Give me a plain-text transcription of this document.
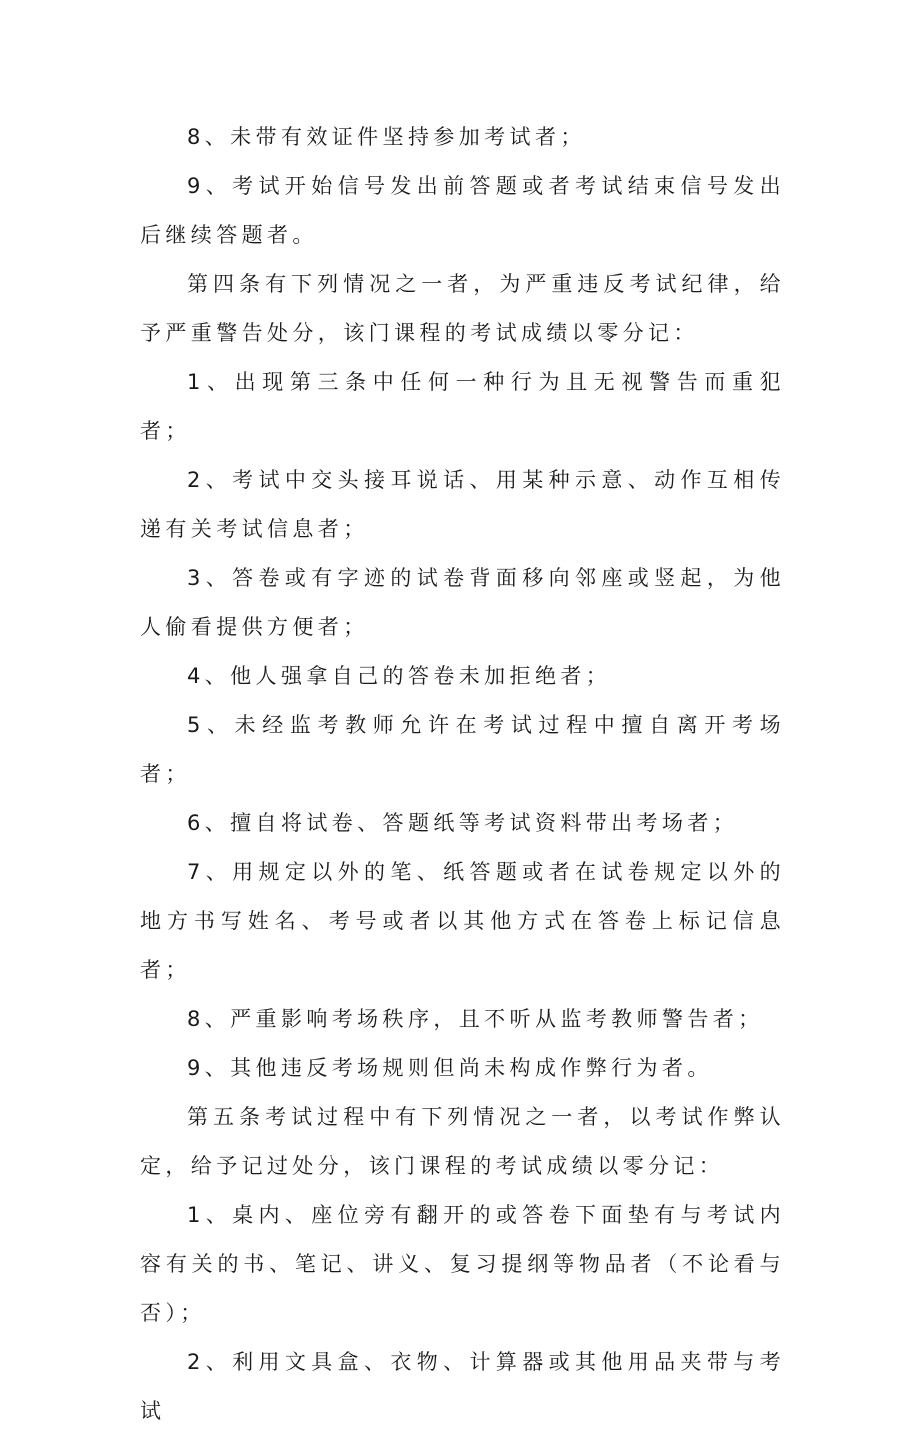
8、未带有效证件坚持参加考试者；

9、考试开始信号发出前答题或者考试结束信号发出后继续答题者。

第四条有下列情况之一者，为严重违反考试纪律，给予严重警告处分，该门课程的考试成绩以零分记：

1、出现第三条中任何一种行为且无视警告而重犯者；

2、考试中交头接耳说话、用某种示意、动作互相传递有关考试信息者；

3、答卷或有字迹的试卷背面移向邻座或竖起，为他人偷看提供方便者；

4、他人强拿自己的答卷未加拒绝者；

5、未经监考教师允许在考试过程中擅自离开考场者；

6、擅自将试卷、答题纸等考试资料带出考场者；

7、用规定以外的笔、纸答题或者在试卷规定以外的地方书写姓名、考号或者以其他方式在答卷上标记信息者；

8、严重影响考场秩序，且不听从监考教师警告者；

9、其他违反考场规则但尚未构成作弊行为者。

第五条考试过程中有下列情况之一者，以考试作弊认定，给予记过处分，该门课程的考试成绩以零分记：

1、桌内、座位旁有翻开的或答卷下面垫有与考试内容有关的书、笔记、讲义、复习提纲等物品者（不论看与否）；

2、利用文具盒、衣物、计算器或其他用品夹带与考试
